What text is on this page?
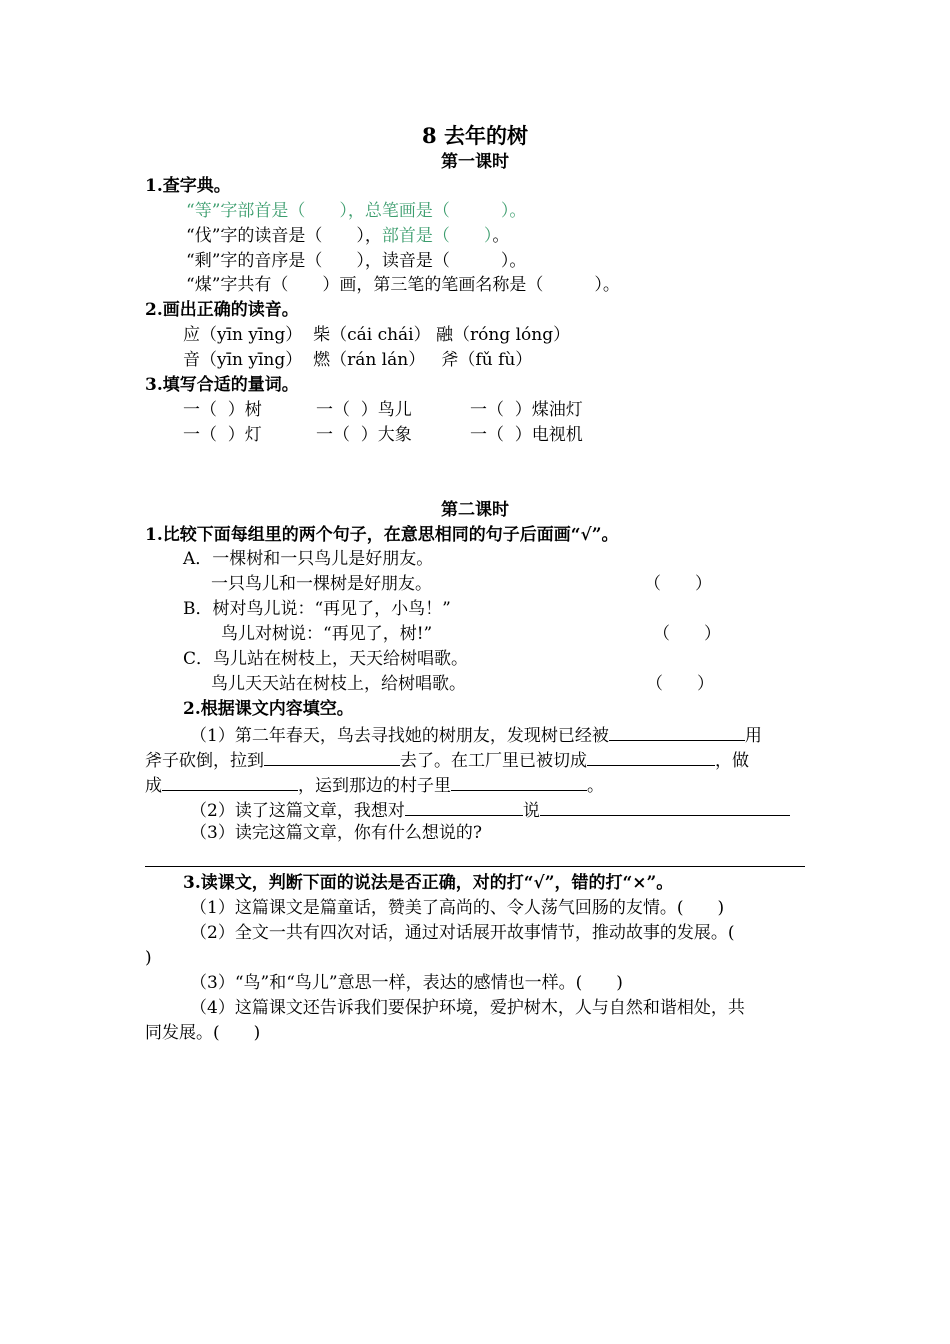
8 去年的树
第一课时
1.查字典。
“等”字部首是（　　），总笔画是（　　　）。
“伐”字的读音是（　　），部首是（　　）。
“剩”字的音序是（　　），读音是（　　　）。
“煤”字共有（　　）画，第三笔的笔画名称是（　　　）。
2.画出正确的读音。
应（yīn yīng）  柴（cái chái） 融（róng lóng）
音（yīn yīng）  燃（rán lán）   斧（fǔ fù）
3.填写合适的量词。
一（  ）树	一（  ）鸟儿	一（  ）煤油灯
一（  ）灯	一（  ）大象	一（  ）电视机
第二课时
1.比较下面每组里的两个句子，在意思相同的句子后面画“√”。
A．一棵树和一只鸟儿是好朋友。
一只鸟儿和一棵树是好朋友。	（　　）
B．树对鸟儿说：“再见了，小鸟！”
鸟儿对树说：“再见了，树!”	（　　）
C．鸟儿站在树枝上，天天给树唱歌。
鸟儿天天站在树枝上，给树唱歌。	（　　）
2.根据课文内容填空。
（1）第二年春天，鸟去寻找她的树朋友，发现树已经被	用
斧子砍倒，拉到	去了。在工厂里已被切成	，做
成	，运到那边的村子里	。
（2）读了这篇文章，我想对	说
（3）读完这篇文章，你有什么想说的?
3.读课文，判断下面的说法是否正确，对的打“√”，错的打“×”。
（1）这篇课文是篇童话，赞美了高尚的、令人荡气回肠的友情。(　　)
（2）全文一共有四次对话，通过对话展开故事情节，推动故事的发展。(
)
（3）“鸟”和“鸟儿”意思一样，表达的感情也一样。(　　)
（4）这篇课文还告诉我们要保护环境，爱护树木，人与自然和谐相处，共
同发展。(　　)
